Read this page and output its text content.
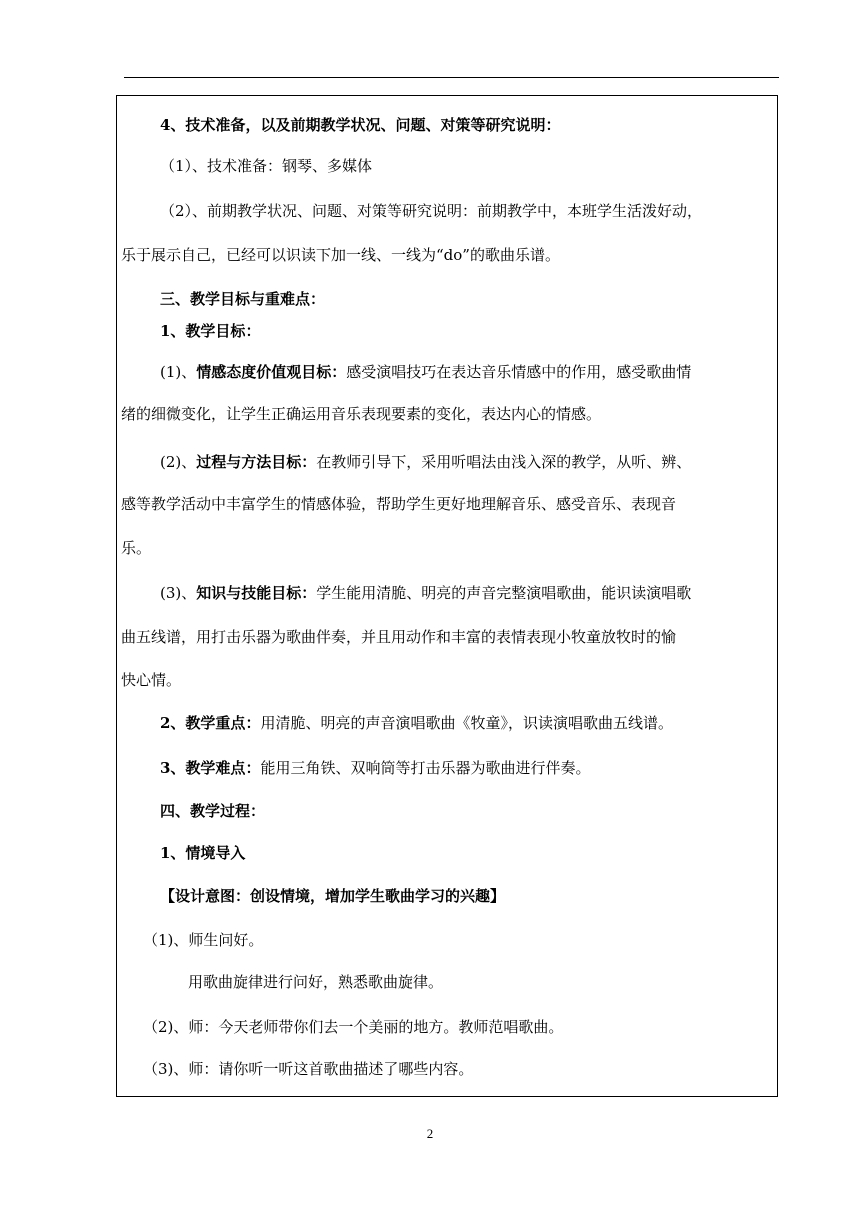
4、技术准备，以及前期教学状况、问题、对策等研究说明：
（1）、技术准备：钢琴、多媒体
（2）、前期教学状况、问题、对策等研究说明：前期教学中，本班学生活泼好动，
乐于展示自己，已经可以识读下加一线、一线为“do”的歌曲乐谱。
三、教学目标与重难点：
1、教学目标：
(1)、情感态度价值观目标：感受演唱技巧在表达音乐情感中的作用，感受歌曲情
绪的细微变化，让学生正确运用音乐表现要素的变化，表达内心的情感。
(2)、过程与方法目标：在教师引导下，采用听唱法由浅入深的教学，从听、辨、
感等教学活动中丰富学生的情感体验，帮助学生更好地理解音乐、感受音乐、表现音
乐。
(3)、知识与技能目标：学生能用清脆、明亮的声音完整演唱歌曲，能识读演唱歌
曲五线谱，用打击乐器为歌曲伴奏，并且用动作和丰富的表情表现小牧童放牧时的愉
快心情。
2、教学重点：用清脆、明亮的声音演唱歌曲《牧童》，识读演唱歌曲五线谱。
3、教学难点：能用三角铁、双响筒等打击乐器为歌曲进行伴奏。
四、教学过程：
1、情境导入
【设计意图：创设情境，增加学生歌曲学习的兴趣】
（1)、师生问好。
用歌曲旋律进行问好，熟悉歌曲旋律。
（2)、师：今天老师带你们去一个美丽的地方。教师范唱歌曲。
（3)、师：请你听一听这首歌曲描述了哪些内容。
2
